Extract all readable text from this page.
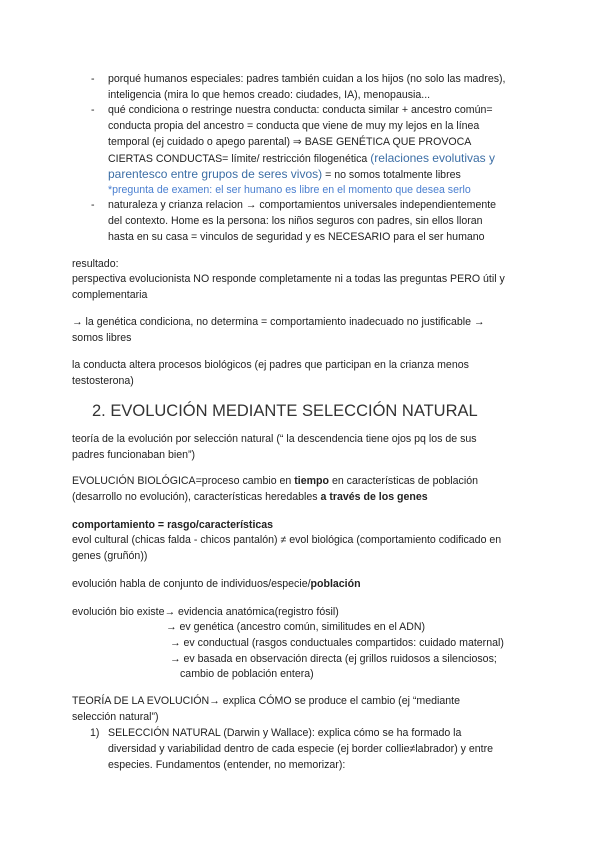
- porqué humanos especiales: padres también cuidan a los hijos (no solo las madres),

inteligencia (mira lo que hemos creado: ciudades, IA), menopausia...

- qué condiciona o restringe nuestra conducta: conducta similar + ancestro común=

conducta propia del ancestro = conducta que viene de muy my lejos en la línea

temporal (ej cuidado o apego parental) ⇒ BASE GENÉTICA QUE PROVOCA

CIERTAS CONDUCTAS= límite/ restricción filogenética (relaciones evolutivas y

parentesco entre grupos de seres vivos) = no somos totalmente libres

*pregunta de examen: el ser humano es libre en el momento que desea serlo

- naturaleza y crianza relacion → comportamientos universales independientemente

del contexto. Home es la persona: los niños seguros con padres, sin ellos lloran

hasta en su casa = vinculos de seguridad y es NECESARIO para el ser humano

resultado:

perspectiva evolucionista NO responde completamente ni a todas las preguntas PERO útil y

complementaria

→ la genética condiciona, no determina = comportamiento inadecuado no justificable →

somos libres

la conducta altera procesos biológicos (ej padres que participan en la crianza menos

testosterona)

2. EVOLUCIÓN MEDIANTE SELECCIÓN NATURAL

teoría de la evolución por selección natural (“ la descendencia tiene ojos pq los de sus

padres funcionaban bien”)

EVOLUCIÓN BIOLÓGICA=proceso cambio en tiempo en características de población

(desarrollo no evolución), características heredables a través de los genes

comportamiento = rasgo/características

evol cultural (chicas falda - chicos pantalón) ≠ evol biológica (comportamiento codificado en

genes (gruñón))

evolución habla de conjunto de individuos/especie/población

evolución bio existe→ evidencia anatómica(registro fósil)

→ ev genética (ancestro común, similitudes en el ADN)

→ ev conductual (rasgos conductuales compartidos: cuidado maternal)

→ ev basada en observación directa (ej grillos ruidosos a silenciosos;

cambio de población entera)

TEORÍA DE LA EVOLUCIÓN→ explica CÓMO se produce el cambio (ej “mediante

selección natural”)

1) SELECCIÓN NATURAL (Darwin y Wallace): explica cómo se ha formado la

diversidad y variabilidad dentro de cada especie (ej border collie≠labrador) y entre

especies. Fundamentos (entender, no memorizar):
